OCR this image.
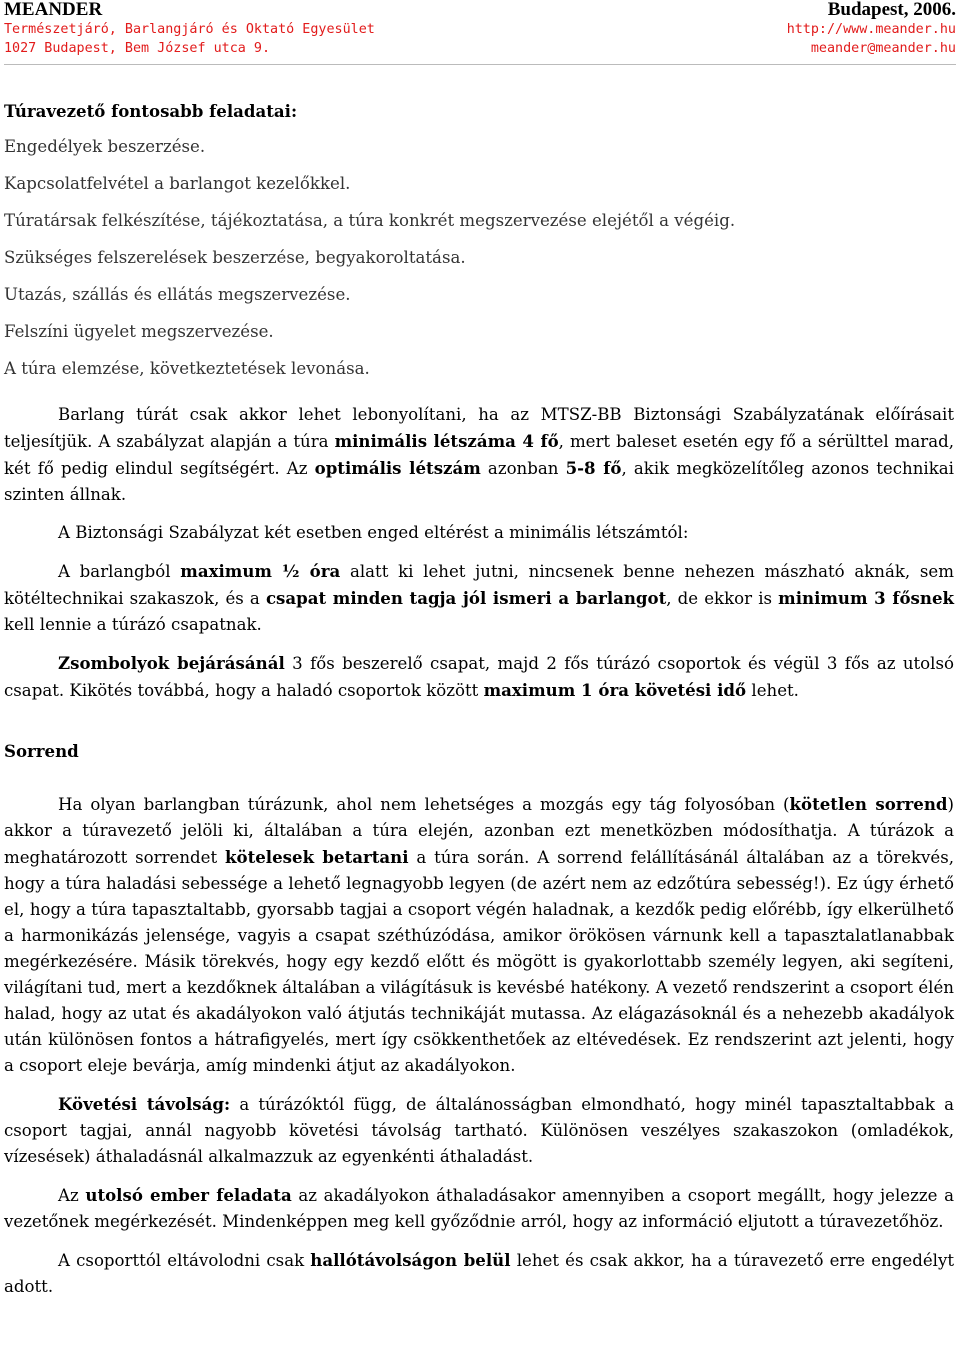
MEANDER	Budapest, 2006.
Természetjáró, Barlangjáró és Oktató Egyesület
1027 Budapest, Bem József utca 9.
http://www.meander.hu
meander@meander.hu
Túravezető fontosabb feladatai:
Engedélyek beszerzése.
Kapcsolatfelvétel a barlangot kezelőkkel.
Túratársak felkészítése, tájékoztatása, a túra konkrét megszervezése elejétől a végéig.
Szükséges felszerelések beszerzése, begyakoroltatása.
Utazás, szállás és ellátás megszervezése.
Felszíni ügyelet megszervezése.
A túra elemzése, következtetések levonása.

Barlang túrát csak akkor lehet lebonyolítani, ha az MTSZ-BB Biztonsági Szabályzatának előírásait teljesítjük. A szabályzat alapján a túra minimális létszáma 4 fő, mert baleset esetén egy fő a sérülttel marad, két fő pedig elindul segítségért. Az optimális létszám azonban 5-8 fő, akik megközelítőleg azonos technikai szinten állnak.

A Biztonsági Szabályzat két esetben enged eltérést a minimális létszámtól:

A barlangból maximum ½ óra alatt ki lehet jutni, nincsenek benne nehezen mászható aknák, sem kötéltechnikai szakaszok, és a csapat minden tagja jól ismeri a barlangot, de ekkor is minimum 3 fősnek kell lennie a túrázó csapatnak.

Zsombolyok bejárásánál 3 fős beszerelő csapat, majd 2 fős túrázó csoportok és végül 3 fős az utolsó csapat. Kikötés továbbá, hogy a haladó csoportok között maximum 1 óra követési idő lehet.

Sorrend

Ha olyan barlangban túrázunk, ahol nem lehetséges a mozgás egy tág folyosóban (kötetlen sorrend) akkor a túravezető jelöli ki, általában a túra elején, azonban ezt menetközben módosíthatja. A túrázok a meghatározott sorrendet kötelesek betartani a túra során. A sorrend felállításánál általában az a törekvés, hogy a túra haladási sebessége a lehető legnagyobb legyen (de azért nem az edzőtúra sebesség!). Ez úgy érhető el, hogy a túra tapasztaltabb, gyorsabb tagjai a csoport végén haladnak, a kezdők pedig előrébb, így elkerülhető a harmonikázás jelensége, vagyis a csapat széthúzódása, amikor örökösen várnunk kell a tapasztalatlanabbak megérkezésére. Másik törekvés, hogy egy kezdő előtt és mögött is gyakorlottabb személy legyen, aki segíteni, világítani tud, mert a kezdőknek általában a világításuk is kevésbé hatékony. A vezető rendszerint a csoport élén halad, hogy az utat és akadályokon való átjutás technikáját mutassa. Az elágazásoknál és a nehezebb akadályok után különösen fontos a hátrafigyelés, mert így csökkenthetőek az eltévedések. Ez rendszerint azt jelenti, hogy a csoport eleje bevárja, amíg mindenki átjut az akadályokon.

Követési távolság: a túrázóktól függ, de általánosságban elmondható, hogy minél tapasztaltabbak a csoport tagjai, annál nagyobb követési távolság tartható. Különösen veszélyes szakaszokon (omladékok, vízesések) áthaladásnál alkalmazzuk az egyenkénti áthaladást.

Az utolsó ember feladata az akadályokon áthaladásakor amennyiben a csoport megállt, hogy jelezze a vezetőnek megérkezését. Mindenképpen meg kell győződnie arról, hogy az információ eljutott a túravezetőhöz.

A csoporttól eltávolodni csak hallótávolságon belül lehet és csak akkor, ha a túravezető erre engedélyt adott.
